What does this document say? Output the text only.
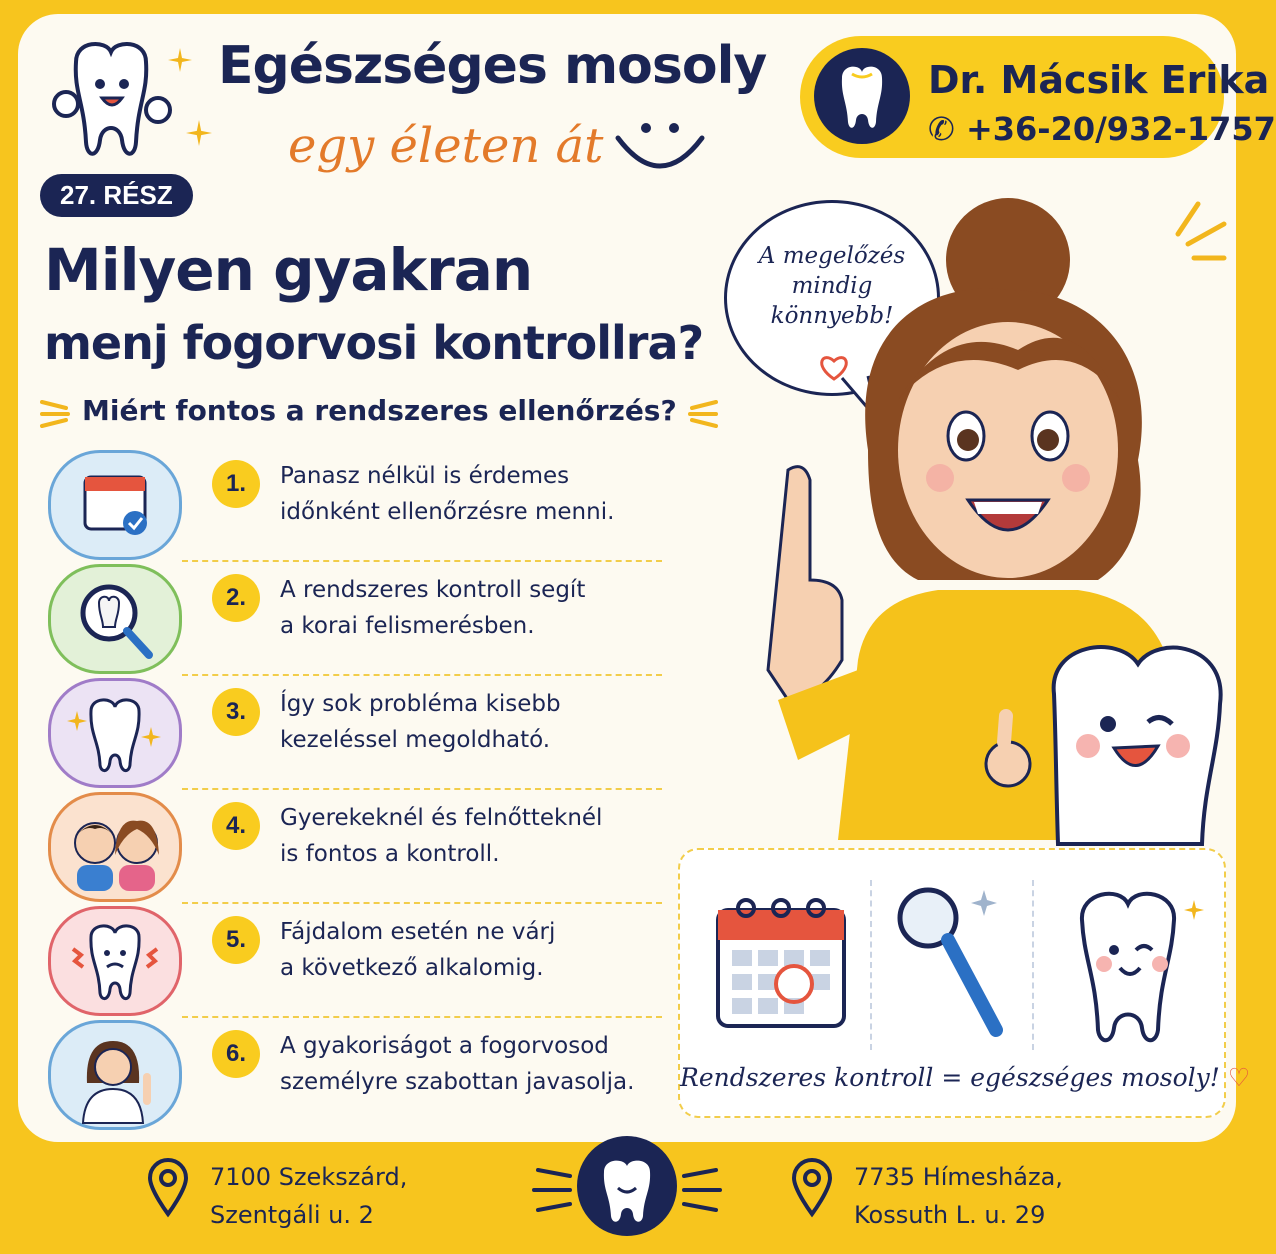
Egészséges mosoly
egy életen át
Dr. Mácsik Erika
✆ +36-20/932-1757
27. RÉSZ
Milyen gyakran
menj fogorvosi kontrollra?
Miért fontos a rendszeres ellenőrzés?
1.	Panasz nélkül is érdemes
időnként ellenőrzésre menni.
2.	A rendszeres kontroll segít
a korai felismerésben.
3.	Így sok probléma kisebb
kezeléssel megoldható.
4.	Gyerekeknél és felnőtteknél
is fontos a kontroll.
5.	Fájdalom esetén ne várj
a következő alkalomig.
6.	A gyakoriságot a fogorvosod
személyre szabottan javasolja.
A megelőzés
mindig
könnyebb!
Rendszeres kontroll = egészséges mosoly! ♡
7100 Szekszárd,
Szentgáli u. 2
7735 Hímesháza,
Kossuth L. u. 29
